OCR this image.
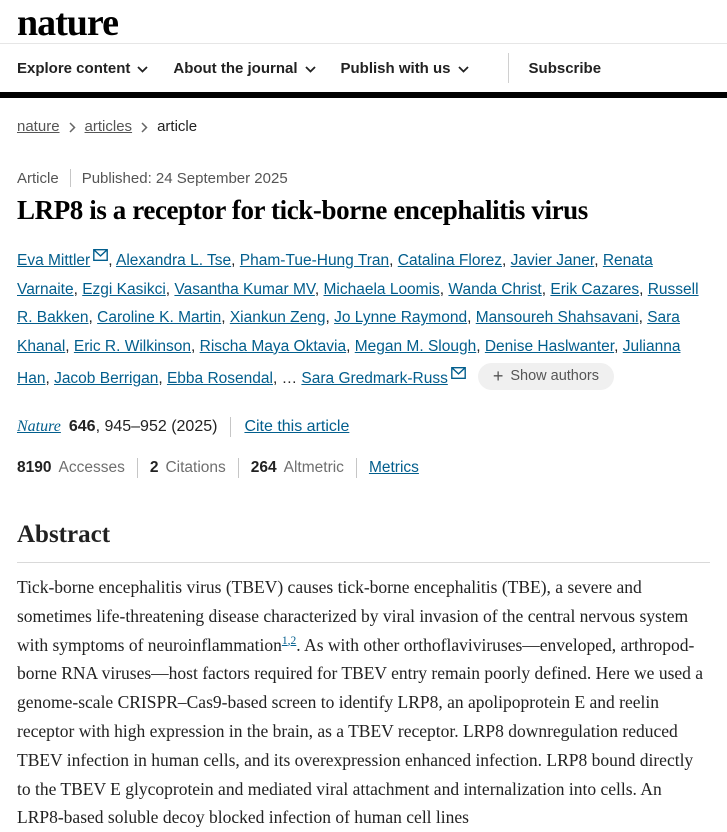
nature
Explore content	About the journal	Publish with us	Subscribe
nature articles article
Article Published: 24 September 2025
LRP8 is a receptor for tick-borne encephalitis virus

Eva Mittler , Alexandra L. Tse, Pham-Tue-Hung Tran, Catalina Florez, Javier Janer, Renata Varnaite, Ezgi Kasikci, Vasantha Kumar MV, Michaela Loomis, Wanda Christ, Erik Cazares, Russell R. Bakken, Caroline K. Martin, Xiankun Zeng, Jo Lynne Raymond, Mansoureh Shahsavani, Sara Khanal, Eric R. Wilkinson, Rischa Maya Oktavia, Megan M. Slough, Denise Haslwanter, Julianna Han, Jacob Berrigan, Ebba Rosendal, … Sara Gredmark-Russ	+ Show authors

Nature 646 , 945–952 (2025) Cite this article
8190 Accesses 2 Citations 264 Altmetric Metrics
Abstract

Tick-borne encephalitis virus (TBEV) causes tick-borne encephalitis (TBE), a severe and sometimes life-threatening disease characterized by viral invasion of the central nervous system with symptoms of neuroinflammation$^{1,2}$. As with other orthoflaviviruses—enveloped, arthropod-borne RNA viruses—host factors required for TBEV entry remain poorly defined. Here we used a genome-scale CRISPR–Cas9-based screen to identify LRP8, an apolipoprotein E and reelin receptor with high expression in the brain, as a TBEV receptor. LRP8 downregulation reduced TBEV infection in human cells, and its overexpression enhanced infection. LRP8 bound directly to the TBEV E glycoprotein and mediated viral attachment and internalization into cells. An LRP8-based soluble decoy blocked infection of human cell lines
